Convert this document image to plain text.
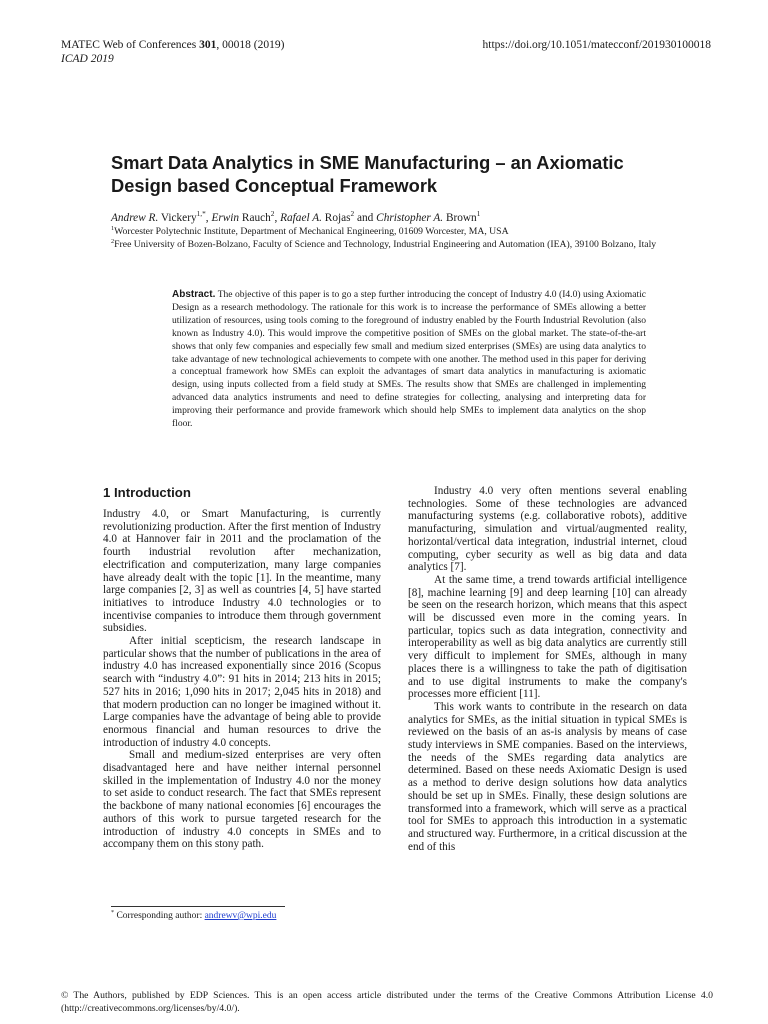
MATEC Web of Conferences 301, 00018 (2019)
ICAD 2019
https://doi.org/10.1051/matecconf/201930100018
Smart Data Analytics in SME Manufacturing – an Axiomatic Design based Conceptual Framework
Andrew R. Vickery$^{1,*}$, Erwin Rauch$^2$, Rafael A. Rojas$^2$ and Christopher A. Brown$^1$
$^1$Worcester Polytechnic Institute, Department of Mechanical Engineering, 01609 Worcester, MA, USA
$^2$Free University of Bozen-Bolzano, Faculty of Science and Technology, Industrial Engineering and Automation (IEA), 39100 Bolzano, Italy
Abstract. The objective of this paper is to go a step further introducing the concept of Industry 4.0 (I4.0) using Axiomatic Design as a research methodology. The rationale for this work is to increase the performance of SMEs allowing a better utilization of resources, using tools coming to the foreground of industry enabled by the Fourth Industrial Revolution (also known as Industry 4.0). This would improve the competitive position of SMEs on the global market. The state-of-the-art shows that only few companies and especially few small and medium sized enterprises (SMEs) are using data analytics to take advantage of new technological achievements to compete with one another. The method used in this paper for deriving a conceptual framework how SMEs can exploit the advantages of smart data analytics in manufacturing is axiomatic design, using inputs collected from a field study at SMEs. The results show that SMEs are challenged in implementing advanced data analytics instruments and need to define strategies for collecting, analysing and interpreting data for improving their performance and provide framework which should help SMEs to implement data analytics on the shop floor.
1 Introduction

Industry 4.0, or Smart Manufacturing, is currently revolutionizing production. After the first mention of Industry 4.0 at Hannover fair in 2011 and the proclamation of the fourth industrial revolution after mechanization, electrification and computerization, many large companies have already dealt with the topic [1]. In the meantime, many large companies [2, 3] as well as countries [4, 5] have started initiatives to introduce Industry 4.0 technologies or to incentivise companies to introduce them through government subsidies.

After initial scepticism, the research landscape in particular shows that the number of publications in the area of industry 4.0 has increased exponentially since 2016 (Scopus search with “industry 4.0”: 91 hits in 2014; 213 hits in 2015; 527 hits in 2016; 1,090 hits in 2017; 2,045 hits in 2018) and that modern production can no longer be imagined without it. Large companies have the advantage of being able to provide enormous financial and human resources to drive the introduction of industry 4.0 concepts.

Small and medium-sized enterprises are very often disadvantaged here and have neither internal personnel skilled in the implementation of Industry 4.0 nor the money to set aside to conduct research. The fact that SMEs represent the backbone of many national economies [6] encourages the authors of this work to pursue targeted research for the introduction of industry 4.0 concepts in SMEs and to accompany them on this stony path.

Industry 4.0 very often mentions several enabling technologies. Some of these technologies are advanced manufacturing systems (e.g. collaborative robots), additive manufacturing, simulation and virtual/augmented reality, horizontal/vertical data integration, industrial internet, cloud computing, cyber security as well as big data and data analytics [7].

At the same time, a trend towards artificial intelligence [8], machine learning [9] and deep learning [10] can already be seen on the research horizon, which means that this aspect will be discussed even more in the coming years. In particular, topics such as data integration, connectivity and interoperability as well as big data analytics are currently still very difficult to implement for SMEs, although in many places there is a willingness to take the path of digitisation and to use digital instruments to make the company's processes more efficient [11].

This work wants to contribute in the research on data analytics for SMEs, as the initial situation in typical SMEs is reviewed on the basis of an as-is analysis by means of case study interviews in SME companies. Based on the interviews, the needs of the SMEs regarding data analytics are determined. Based on these needs Axiomatic Design is used as a method to derive design solutions how data analytics should be set up in SMEs. Finally, these design solutions are transformed into a framework, which will serve as a practical tool for SMEs to approach this introduction in a systematic and structured way. Furthermore, in a critical discussion at the end of this

* Corresponding author: andrewv@wpi.edu
© The Authors, published by EDP Sciences. This is an open access article distributed under the terms of the Creative Commons Attribution License 4.0 (http://creativecommons.org/licenses/by/4.0/).
